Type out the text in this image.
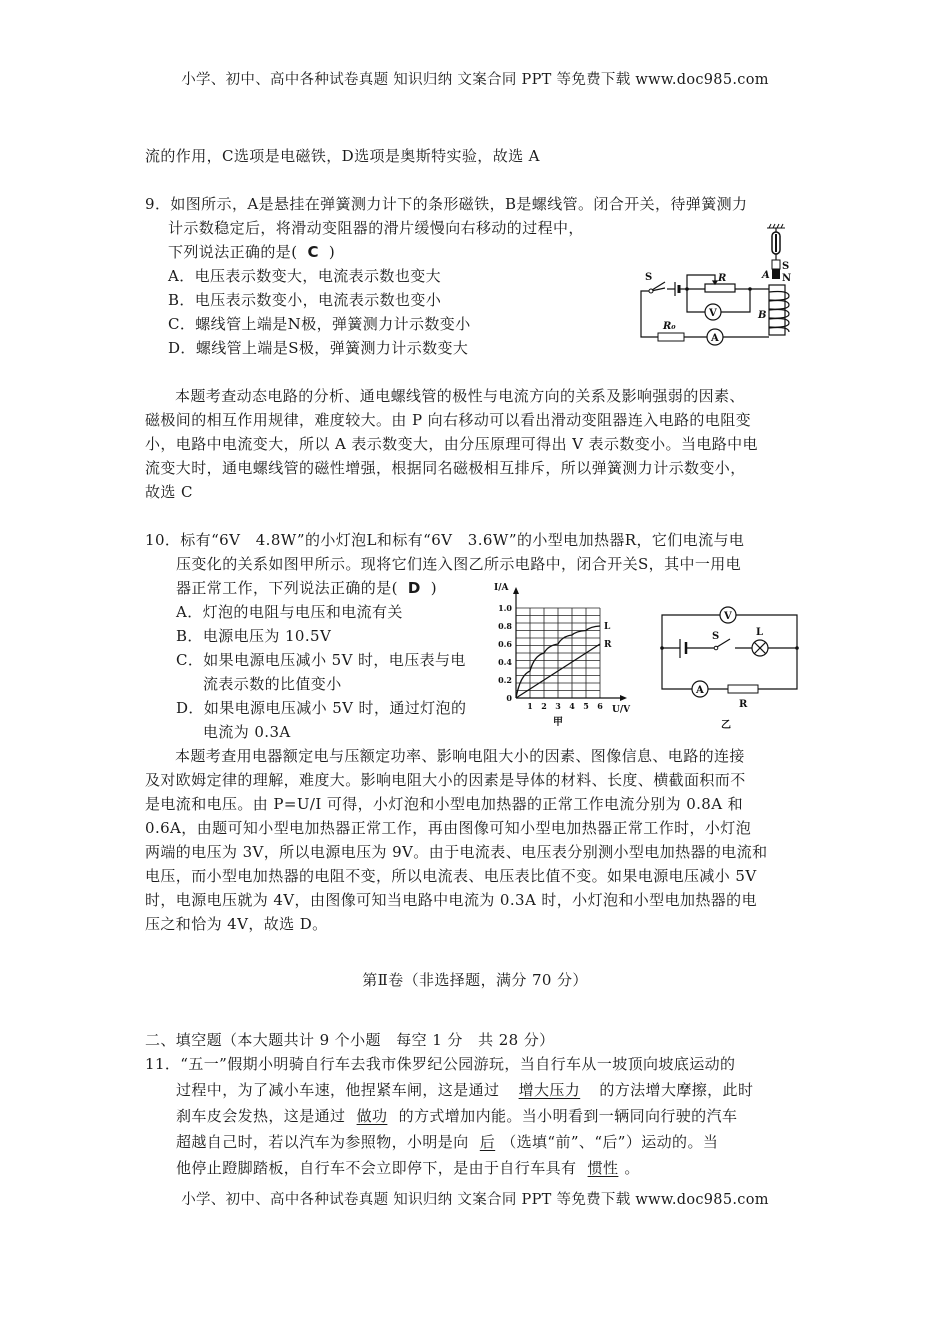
小学、初中、高中各种试卷真题 知识归纳 文案合同 PPT 等免费下载 www.doc985.com
流的作用，C选项是电磁铁，D选项是奥斯特实验，故选 A
9．如图所示，A是悬挂在弹簧测力计下的条形磁铁，B是螺线管。闭合开关，待弹簧测力
计示数稳定后，将滑动变阻器的滑片缓慢向右移动的过程中，
下列说法正确的是( C )
A．电压表示数变大，电流表示数也变大
B．电压表示数变小，电流表示数也变小
C．螺线管上端是N极，弹簧测力计示数变小
D．螺线管上端是S极，弹簧测力计示数变大
S
N
A
B
S	R
V
R₀
A
本题考查动态电路的分析、通电螺线管的极性与电流方向的关系及影响强弱的因素、
磁极间的相互作用规律，难度较大。由 P 向右移动可以看出滑动变阻器连入电路的电阻变
小，电路中电流变大，所以 A 表示数变大，由分压原理可得出 V 表示数变小。当电路中电
流变大时，通电螺线管的磁性增强，根据同名磁极相互排斥，所以弹簧测力计示数变小，
故选 C
10．标有“6V　4.8W”的小灯泡L和标有“6V　3.6W”的小型电加热器R，它们电流与电
压变化的关系如图甲所示。现将它们连入图乙所示电路中，闭合开关S，其中一用电
器正常工作，下列说法正确的是( D )
A．灯泡的电阻与电压和电流有关
B．电源电压为 10.5V
C．如果电源电压减小 5V 时，电压表与电
流表示数的比值变小
D．如果电源电压减小 5V 时，通过灯泡的
电流为 0.3A
I/A
U/V
0
0.2
0.4
0.6
0.8
1.0
1 2 3 4 5 6
L
R
甲
V
S	L
A
R
乙
本题考查用电器额定电与压额定功率、影响电阻大小的因素、图像信息、电路的连接
及对欧姆定律的理解，难度大。影响电阻大小的因素是导体的材料、长度、横截面积而不
是电流和电压。由 P=U/I 可得，小灯泡和小型电加热器的正常工作电流分别为 0.8A 和
0.6A，由题可知小型电加热器正常工作，再由图像可知小型电加热器正常工作时，小灯泡
两端的电压为 3V，所以电源电压为 9V。由于电流表、电压表分别测小型电加热器的电流和
电压，而小型电加热器的电阻不变，所以电流表、电压表比值不变。如果电源电压减小 5V
时，电源电压就为 4V，由图像可知当电路中电流为 0.3A 时，小灯泡和小型电加热器的电
压之和恰为 4V，故选 D。
第Ⅱ卷（非选择题，满分 70 分）
二、填空题（本大题共计 9 个小题　每空 1 分　共 28 分）
11．“五一”假期小明骑自行车去我市侏罗纪公园游玩，当自行车从一坡顶向坡底运动的
过程中，为了减小车速，他捏紧车闸，这是通过 增大压力 的方法增大摩擦，此时
刹车皮会发热，这是通过 做功 的方式增加内能。当小明看到一辆同向行驶的汽车
超越自己时，若以汽车为参照物，小明是向 后 （选填“前”、“后”）运动的。当
他停止蹬脚踏板，自行车不会立即停下，是由于自行车具有 惯性 。
小学、初中、高中各种试卷真题 知识归纳 文案合同 PPT 等免费下载 www.doc985.com
